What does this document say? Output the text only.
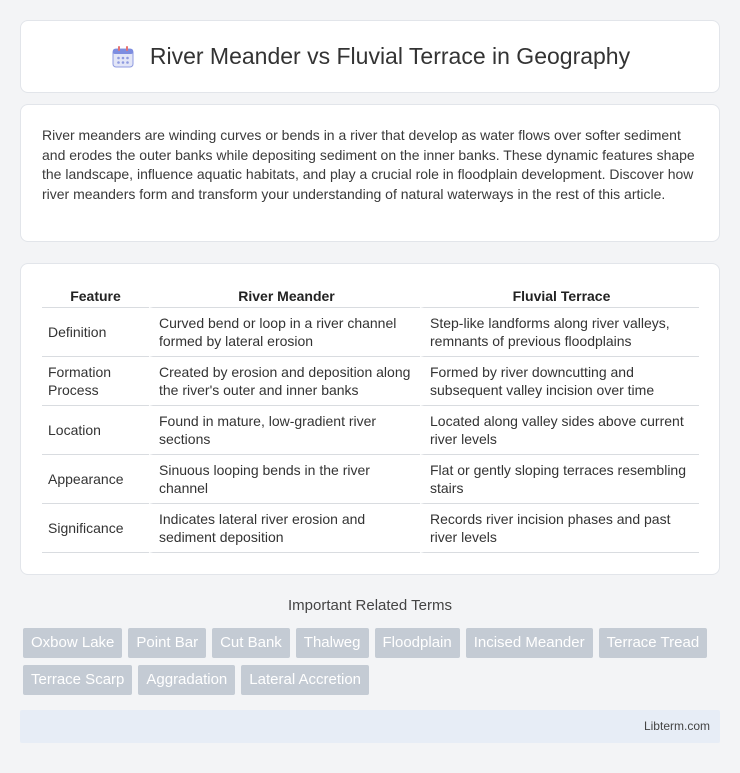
River Meander vs Fluvial Terrace in Geography

River meanders are winding curves or bends in a river that develop as water flows over softer sediment and erodes the outer banks while depositing sediment on the inner banks. These dynamic features shape the landscape, influence aquatic habitats, and play a crucial role in floodplain development. Discover how river meanders form and transform your understanding of natural waterways in the rest of this article.

Feature	River Meander	Fluvial Terrace
Definition	Curved bend or loop in a river channel formed by lateral erosion	Step-like landforms along river valleys, remnants of previous floodplains
Formation Process	Created by erosion and deposition along the river's outer and inner banks	Formed by river downcutting and subsequent valley incision over time
Location	Found in mature, low-gradient river sections	Located along valley sides above current river levels
Appearance	Sinuous looping bends in the river channel	Flat or gently sloping terraces resembling stairs
Significance	Indicates lateral river erosion and sediment deposition	Records river incision phases and past river levels
Important Related Terms
Oxbow Lake	Point Bar	Cut Bank	Thalweg	Floodplain	Incised Meander	Terrace Tread
Terrace Scarp	Aggradation	Lateral Accretion
Libterm.com
